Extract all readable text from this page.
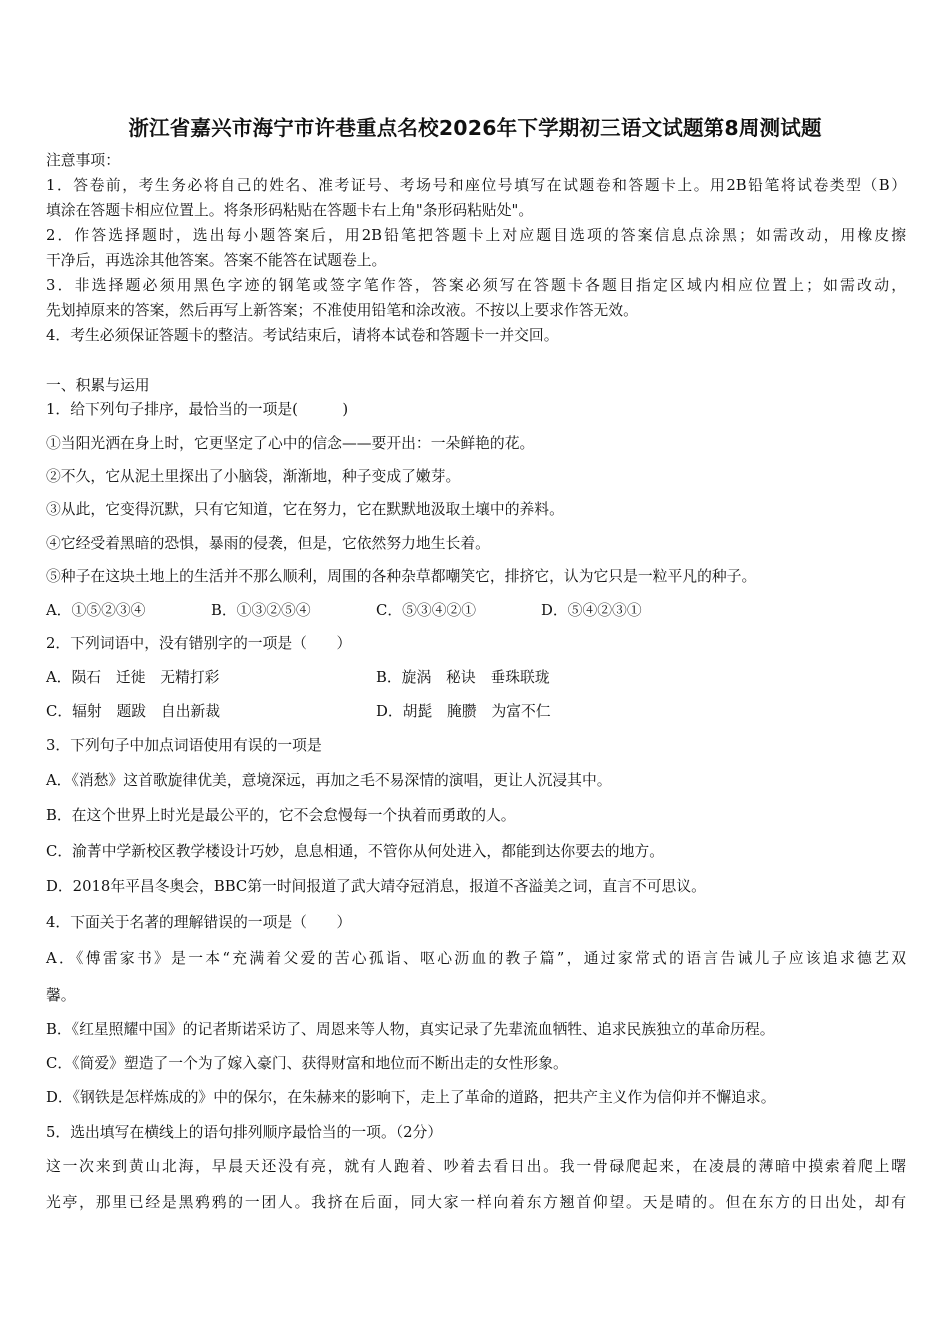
浙江省嘉兴市海宁市许巷重点名校2026年下学期初三语文试题第8周测试题
注意事项：
1．答卷前，考生务必将自己的姓名、准考证号、考场号和座位号填写在试题卷和答题卡上。用2B铅笔将试卷类型（B）
填涂在答题卡相应位置上。将条形码粘贴在答题卡右上角"条形码粘贴处"。
2．作答选择题时，选出每小题答案后，用2B铅笔把答题卡上对应题目选项的答案信息点涂黑；如需改动，用橡皮擦
干净后，再选涂其他答案。答案不能答在试题卷上。
3．非选择题必须用黑色字迹的钢笔或签字笔作答，答案必须写在答题卡各题目指定区域内相应位置上；如需改动，
先划掉原来的答案，然后再写上新答案；不准使用铅笔和涂改液。不按以上要求作答无效。
4．考生必须保证答题卡的整洁。考试结束后，请将本试卷和答题卡一并交回。
一、积累与运用
1．给下列句子排序，最恰当的一项是(　　　)
①当阳光洒在身上时，它更坚定了心中的信念——要开出：一朵鲜艳的花。
②不久，它从泥土里探出了小脑袋，渐渐地，种子变成了嫩芽。
③从此，它变得沉默，只有它知道，它在努力，它在默默地汲取土壤中的养料。
④它经受着黑暗的恐惧，暴雨的侵袭，但是，它依然努力地生长着。
⑤种子在这块土地上的生活并不那么顺利，周围的各种杂草都嘲笑它，排挤它，认为它只是一粒平凡的种子。
A．①⑤②③④	B．①③②⑤④	C．⑤③④②①	D．⑤④②③①
2．下列词语中，没有错别字的一项是（　　）
A．陨石　迁徙　无精打彩	B．旋涡　秘诀　垂珠联珑
C．辐射　题跋　自出新裁	D．胡髭　腌臜　为富不仁
3．下列句子中加点词语使用有误的一项是
A．《消愁》这首歌旋律优美，意境深远，再加之毛不易深情的演唱，更让人沉浸其中。
B．在这个世界上时光是最公平的，它不会怠慢每一个执着而勇敢的人。
C．渝菁中学新校区教学楼设计巧妙，息息相通，不管你从何处进入，都能到达你要去的地方。
D．2018年平昌冬奥会，BBC第一时间报道了武大靖夺冠消息，报道不吝溢美之词，直言不可思议。
4．下面关于名著的理解错误的一项是（　　）
A．《傅雷家书》是一本“充满着父爱的苦心孤诣、呕心沥血的教子篇”，通过家常式的语言告诫儿子应该追求德艺双
馨。
B．《红星照耀中国》的记者斯诺采访了、周恩来等人物，真实记录了先辈流血牺牲、追求民族独立的革命历程。
C．《简爱》塑造了一个为了嫁入豪门、获得财富和地位而不断出走的女性形象。
D．《钢铁是怎样炼成的》中的保尔，在朱赫来的影响下，走上了革命的道路，把共产主义作为信仰并不懈追求。
5．选出填写在横线上的语句排列顺序最恰当的一项。（2分）
这一次来到黄山北海，早晨天还没有亮，就有人跑着、吵着去看日出。我一骨碌爬起来，在凌晨的薄暗中摸索着爬上曙
光亭，那里已经是黑鸦鸦的一团人。我挤在后面，同大家一样向着东方翘首仰望。天是晴的。但在东方的日出处，却有
